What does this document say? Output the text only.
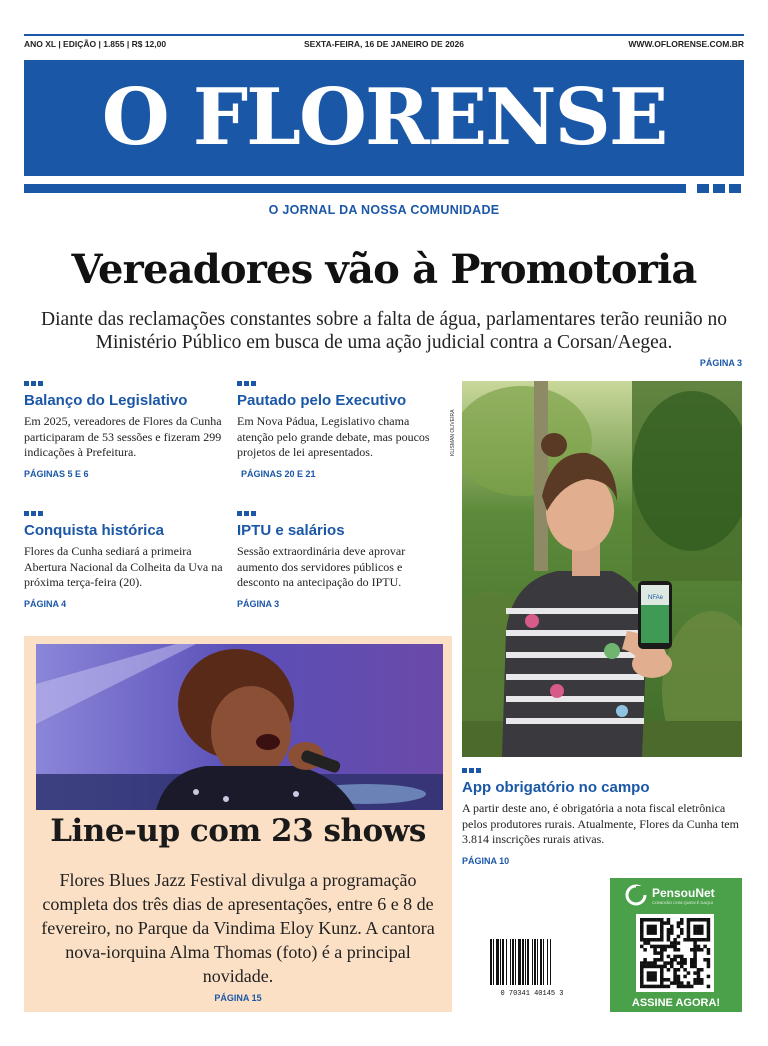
ANO XL | EDIÇÃO | 1.855 | R$ 12,00	SEXTA-FEIRA, 16 DE JANEIRO DE 2026	WWW.OFLORENSE.COM.BR
O FLORENSE
O JORNAL DA NOSSA COMUNIDADE
Vereadores vão à Promotoria

Diante das reclamações constantes sobre a falta de água, parlamentares terão reunião no Ministério Público em busca de uma ação judicial contra a Corsan/Aegea.

PÁGINA 3
Balanço do Legislativo

Em 2025, vereadores de Flores da Cunha participaram de 53 sessões e fizeram 299 indicações à Prefeitura.

PÁGINAS 5 E 6
Pautado pelo Executivo

Em Nova Pádua, Legislativo chama atenção pelo grande debate, mas poucos projetos de lei apresentados.

PÁGINAS 20 E 21
Conquista histórica

Flores da Cunha sediará a primeira Abertura Nacional da Colheita da Uva na próxima terça-feira (20).

PÁGINA 4
IPTU e salários

Sessão extraordinária deve aprovar aumento dos servidores públicos e desconto na antecipação do IPTU.

PÁGINA 3
KLISMAN OLIVEIRA
NFAe
App obrigatório no campo

A partir deste ano, é obrigatória a nota fiscal eletrônica pelos produtores rurais. Atualmente, Flores da Cunha tem 3.814 inscrições rurais ativas.

PÁGINA 10
Line-up com 23 shows

Flores Blues Jazz Festival divulga a programação completa dos três dias de apresentações, entre 6 e 8 de fevereiro, no Parque da Vindima Eloy Kunz. A cantora nova-iorquina Alma Thomas (foto) é a principal novidade.

PÁGINA 15	0 70341 40145 3
PensouNet
CONEXÃO COM QUEM É DAQUI
ASSINE AGORA!
